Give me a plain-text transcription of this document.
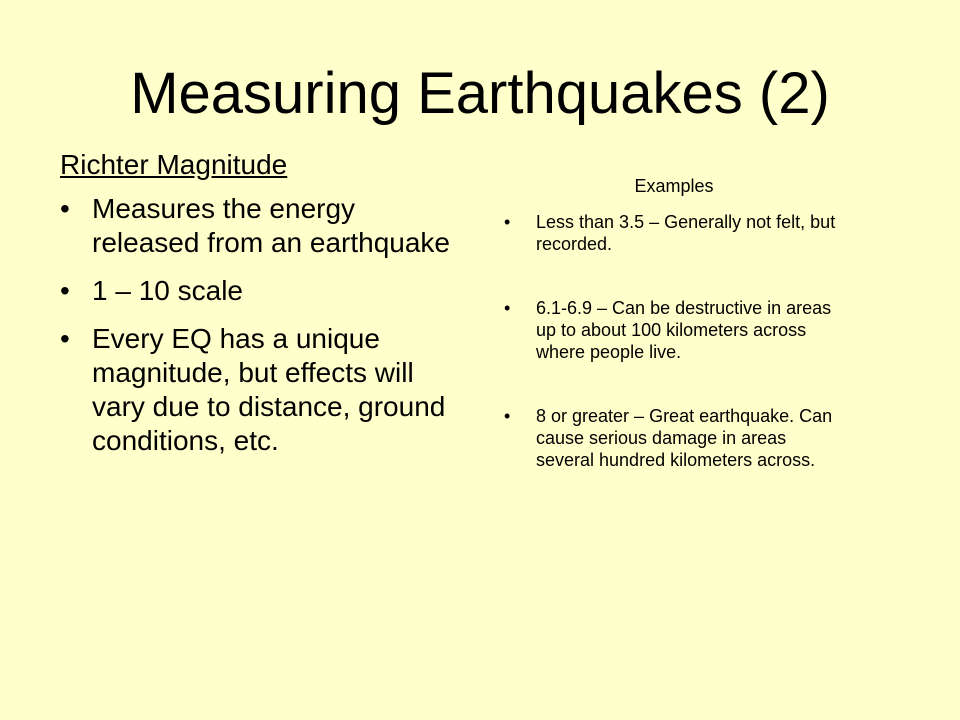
Measuring Earthquakes (2)
Richter Magnitude
• Measures the energy released from an earthquake
• 1 – 10 scale
• Every EQ has a unique magnitude, but effects will vary due to distance, ground conditions, etc.
Examples
• Less than 3.5 – Generally not felt, but recorded.
• 6.1-6.9 – Can be destructive in areas up to about 100 kilometers across where people live.
• 8 or greater – Great earthquake. Can cause serious damage in areas several hundred kilometers across.
